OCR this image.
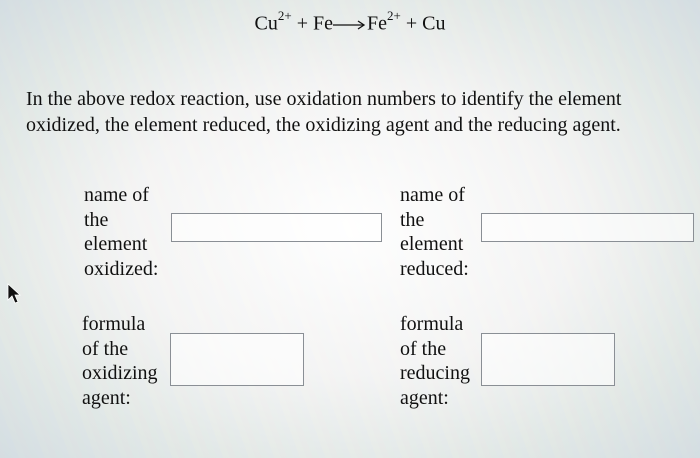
$Cu^{2+} + Fe\to Fe^{2+} + Cu$
In the above redox reaction, use oxidation numbers to identify the element oxidized, the element reduced, the oxidizing agent and the reducing agent.
name of
the
element
oxidized:
name of
the
element
reduced:
formula
of the
oxidizing
agent:
formula
of the
reducing
agent:
